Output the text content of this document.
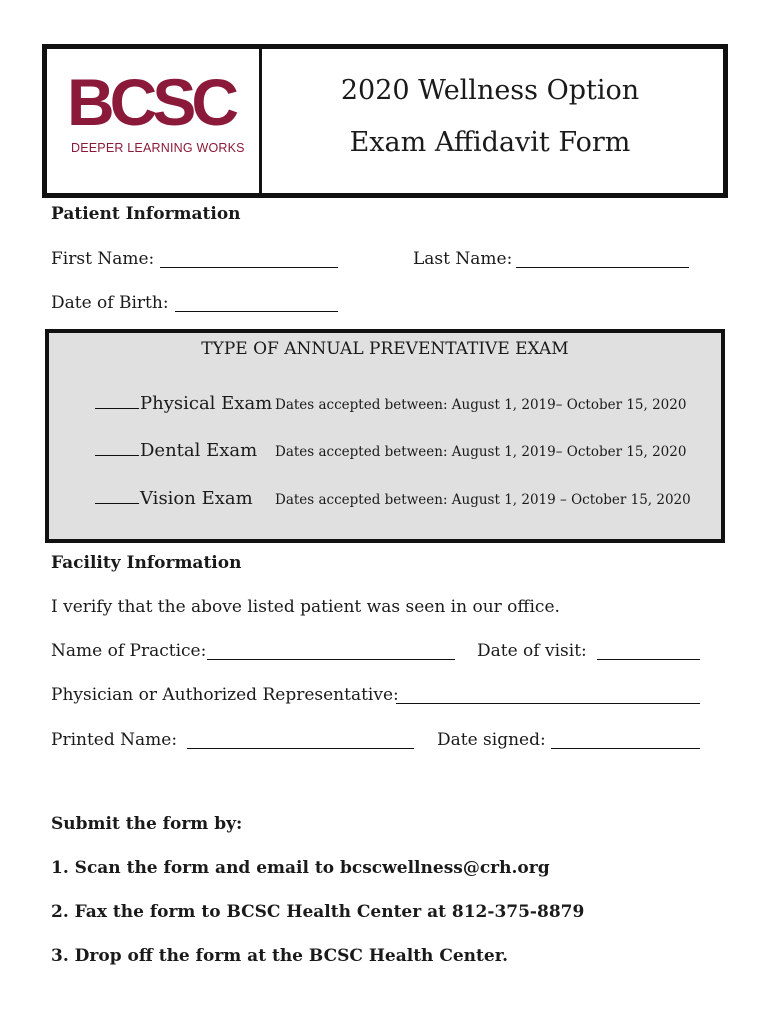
BCSC
DEEPER LEARNING WORKS
2020 Wellness Option
Exam Affidavit Form
Patient Information
First Name:	Last Name:
Date of Birth:
TYPE OF ANNUAL PREVENTATIVE EXAM
Physical Exam Dates accepted between: August 1, 2019– October 15, 2020
Dental Exam Dates accepted between: August 1, 2019– October 15, 2020
Vision Exam Dates accepted between: August 1, 2019 – October 15, 2020
Facility Information
I verify that the above listed patient was seen in our office.
Name of Practice:	Date of visit:
Physician or Authorized Representative:
Printed Name:	Date signed:
Submit the form by:
1. Scan the form and email to bcscwellness@crh.org
2. Fax the form to BCSC Health Center at 812-375-8879
3. Drop off the form at the BCSC Health Center.
